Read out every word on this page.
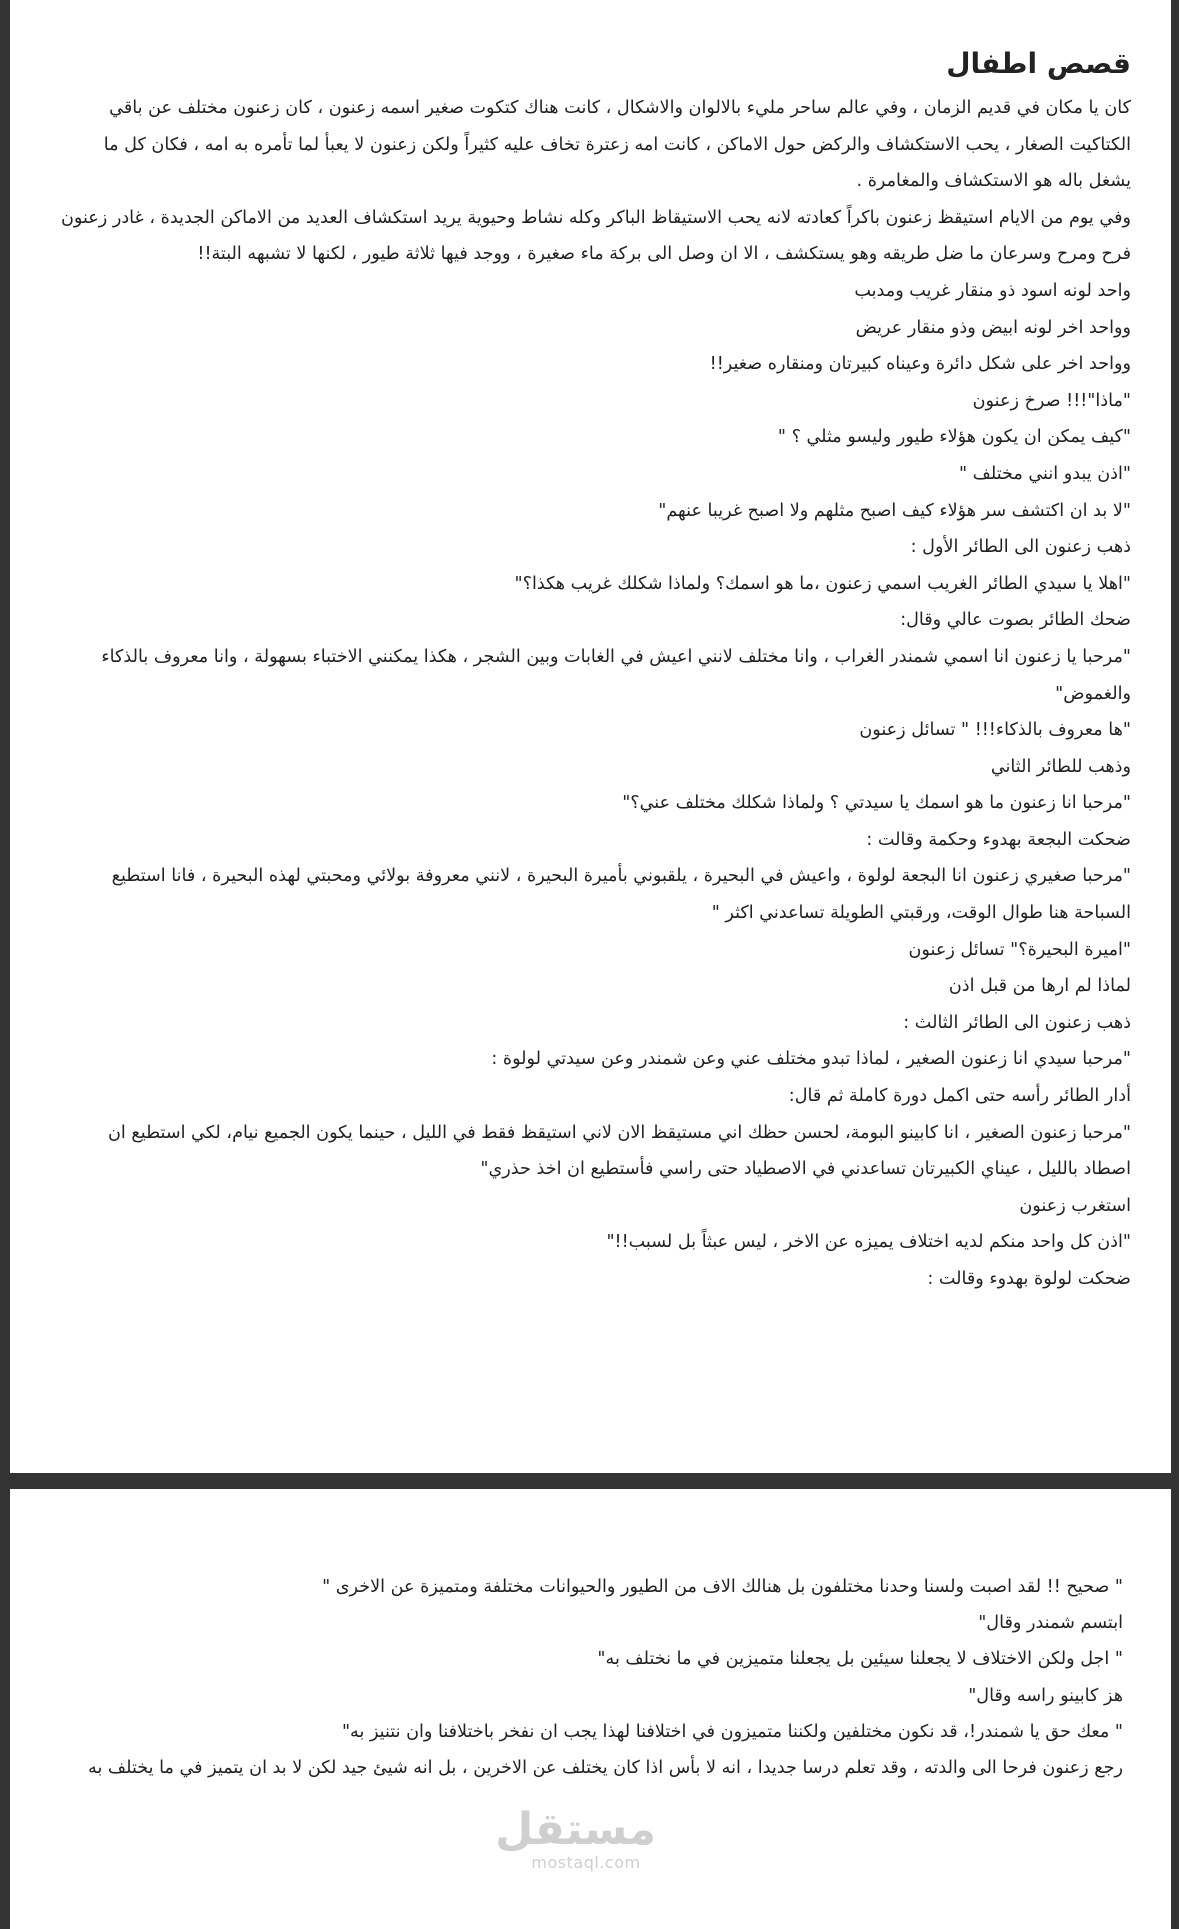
قصص اطفال

كان يا مكان في قديم الزمان ، وفي عالم ساحر مليء بالالوان والاشكال ، كانت هناك كتكوت صغير اسمه زعنون ، كان زعنون مختلف عن باقي الكتاكيت الصغار ، يحب الاستكشاف والركض حول الاماكن ، كانت امه زعترة تخاف عليه كثيراً ولكن زعنون لا يعبأ لما تأمره به امه ، فكان كل ما يشغل باله هو الاستكشاف والمغامرة .

وفي يوم من الايام استيقظ زعنون باكراً كعادته لانه يحب الاستيقاظ الباكر وكله نشاط وحيوية يريد استكشاف العديد من الاماكن الجديدة ، غادر زعنون فرح ومرح وسرعان ما ضل طريقه وهو يستكشف ، الا ان وصل الى بركة ماء صغيرة ، ووجد فيها ثلاثة طيور ، لكنها لا تشبهه البتة!!

واحد لونه اسود ذو منقار غريب ومدبب

وواحد اخر لونه ابيض وذو منقار عريض

وواحد اخر على شكل دائرة وعيناه كبيرتان ومنقاره صغير!!

"ماذا"!!! صرخ زعنون

"كيف يمكن ان يكون هؤلاء طيور وليسو مثلي ؟ "

"اذن يبدو انني مختلف "

"لا بد ان اكتشف سر هؤلاء كيف اصبح مثلهم ولا اصبح غريبا عنهم"

ذهب زعنون الى الطائر الأول :

"اهلا يا سيدي الطائر الغريب اسمي زعنون ،ما هو اسمك؟ ولماذا شكلك غريب هكذا؟"

ضحك الطائر بصوت عالي وقال:

"مرحبا يا زعنون انا اسمي شمندر الغراب ، وانا مختلف لانني اعيش في الغابات وبين الشجر ، هكذا يمكنني الاختباء بسهولة ، وانا معروف بالذكاء والغموض"

"ها معروف بالذكاء!!! " تسائل زعنون

وذهب للطائر الثاني

"مرحبا انا زعنون ما هو اسمك يا سيدتي ؟ ولماذا شكلك مختلف عني؟"

ضحكت البجعة بهدوء وحكمة وقالت :

"مرحبا صغيري زعنون انا البجعة لولوة ، واعيش في البحيرة ، يلقبوني بأميرة البحيرة ، لانني معروفة بولائي ومحبتي لهذه البحيرة ، فانا استطيع السباحة هنا طوال الوقت، ورقبتي الطويلة تساعدني اكثر "

"اميرة البحيرة؟" تسائل زعنون

لماذا لم ارها من قبل اذن

ذهب زعنون الى الطائر الثالث :

"مرحبا سيدي انا زعنون الصغير ، لماذا تبدو مختلف عني وعن شمندر وعن سيدتي لولوة :

أدار الطائر رأسه حتى اكمل دورة كاملة ثم قال:

"مرحبا زعنون الصغير ، انا كابينو البومة، لحسن حظك اني مستيقظ الان لاني استيقظ فقط في الليل ، حينما يكون الجميع نيام، لكي استطيع ان اصطاد بالليل ، عيناي الكبيرتان تساعدني في الاصطياد حتى راسي فأستطيع ان اخذ حذري"

استغرب زعنون

"اذن كل واحد منكم لديه اختلاف يميزه عن الاخر ، ليس عبثاً بل لسبب!!"

ضحكت لولوة بهدوء وقالت :

" صحيح !! لقد اصبت ولسنا وحدنا مختلفون بل هنالك الاف من الطيور والحيوانات مختلفة ومتميزة عن الاخرى "

ابتسم شمندر وقال"

" اجل ولكن الاختلاف لا يجعلنا سيئين بل يجعلنا متميزين في ما نختلف به"

هز كابينو راسه وقال"

" معك حق يا شمندر!، قد نكون مختلفين ولكننا متميزون في اختلافنا لهذا يجب ان نفخر باختلافنا وان نتنيز به"

رجع زعنون فرحا الى والدته ، وقد تعلم درسا جديدا ، انه لا بأس اذا كان يختلف عن الاخرين ، بل انه شيئ جيد لكن لا بد ان يتميز في ما يختلف به

مستقل
mostaql.com
